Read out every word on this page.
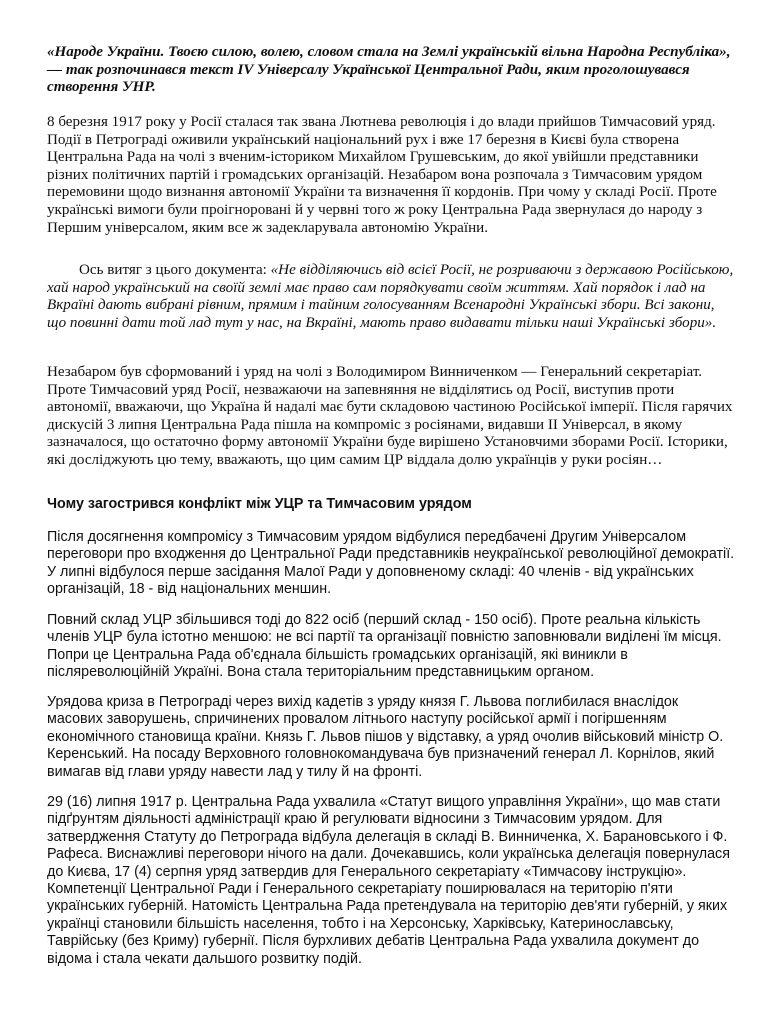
«Народе України. Твоєю силою, волею, словом стала на Землі українській вільна Народна Республіка», — так розпочинався текст IV Універсалу Української Центральної Ради, яким проголошувався створення УНР.

8 березня 1917 року у Росії сталася так звана Лютнева революція і до влади прийшов Тимчасовий уряд. Події в Петрограді оживили український національний рух і вже 17 березня в Києві була створена Центральна Рада на чолі з вченим-істориком Михайлом Грушевським, до якої увійшли представники різних політичних партій і громадських організацій. Незабаром вона розпочала з Тимчасовим урядом перемовини щодо визнання автономії України та визначення її кордонів. При чому у складі Росії. Проте українські вимоги були проігноровані й у червні того ж року Центральна Рада звернулася до народу з Першим універсалом, яким все ж задекларувала автономію України.

Ось витяг з цього документа: «Не відділяючись від всієї Росії, не розриваючи з державою Російською, хай народ український на своїй землі має право сам порядкувати своїм життям. Хай порядок і лад на Вкраїні дають вибрані рівним, прямим і тайним голосуванням Всенародні Українські збори. Всі закони, що повинні дати той лад тут у нас, на Вкраїні, мають право видавати тільки наші Українські збори».

Незабаром був сформований і уряд на чолі з Володимиром Винниченком — Генеральний секретаріат. Проте Тимчасовий уряд Росії, незважаючи на запевняння не відділятись од Росії, виступив проти автономії, вважаючи, що Україна й надалі має бути складовою частиною Російської імперії. Після гарячих дискусій 3 липня Центральна Рада пішла на компроміс з росіянами, видавши II Універсал, в якому зазначалося, що остаточно форму автономії України буде вирішено Установчими зборами Росії. Історики, які досліджують цю тему, вважають, що цим самим ЦР віддала долю українців у руки росіян…

Чому загострився конфлікт між УЦР та Тимчасовим урядом

Після досягнення компромісу з Тимчасовим урядом відбулися передбачені Другим Універсалом переговори про входження до Центральної Ради представників неукраїнської революційної демократії. У липні відбулося перше засідання Малої Ради у доповненому складі: 40 членів - від українських організацій, 18 - від національних меншин.

Повний склад УЦР збільшився тоді до 822 осіб (перший склад - 150 осіб). Проте реальна кількість членів УЦР була істотно меншою: не всі партії та організації повністю заповнювали виділені їм місця. Попри це Центральна Рада об'єднала більшість громадських організацій, які виникли в післяреволюційній Україні. Вона стала територіальним представницьким органом.

Урядова криза в Петрограді через вихід кадетів з уряду князя Г. Львова поглибилася внаслідок масових заворушень, спричинених провалом літнього наступу російської армії і погіршенням економічного становища країни. Князь Г. Львов пішов у відставку, а уряд очолив військовий міністр О. Керенський. На посаду Верховного головнокомандувача був призначений генерал Л. Корнілов, який вимагав від глави уряду навести лад у тилу й на фронті.

29 (16) липня 1917 р. Центральна Рада ухвалила «Статут вищого управління України», що мав стати підґрунтям діяльності адміністрації краю й регулювати відносини з Тимчасовим урядом. Для затвердження Статуту до Петрограда відбула делегація в складі В. Винниченка, Х. Барановського і Ф. Рафеса. Виснажливі переговори нічого на дали. Дочекавшись, коли українська делегація повернулася до Києва, 17 (4) серпня уряд затвердив для Генерального секретаріату «Тимчасову інструкцію». Компетенції Центральної Ради і Генерального секретаріату поширювалася на територію п'яти українських губерній. Натомість Центральна Рада претендувала на територію дев'яти губерній, у яких українці становили більшість населення, тобто і на Херсонську, Харківську, Катеринославську, Таврійську (без Криму) губернії. Після бурхливих дебатів Центральна Рада ухвалила документ до відома і стала чекати дальшого розвитку подій.
